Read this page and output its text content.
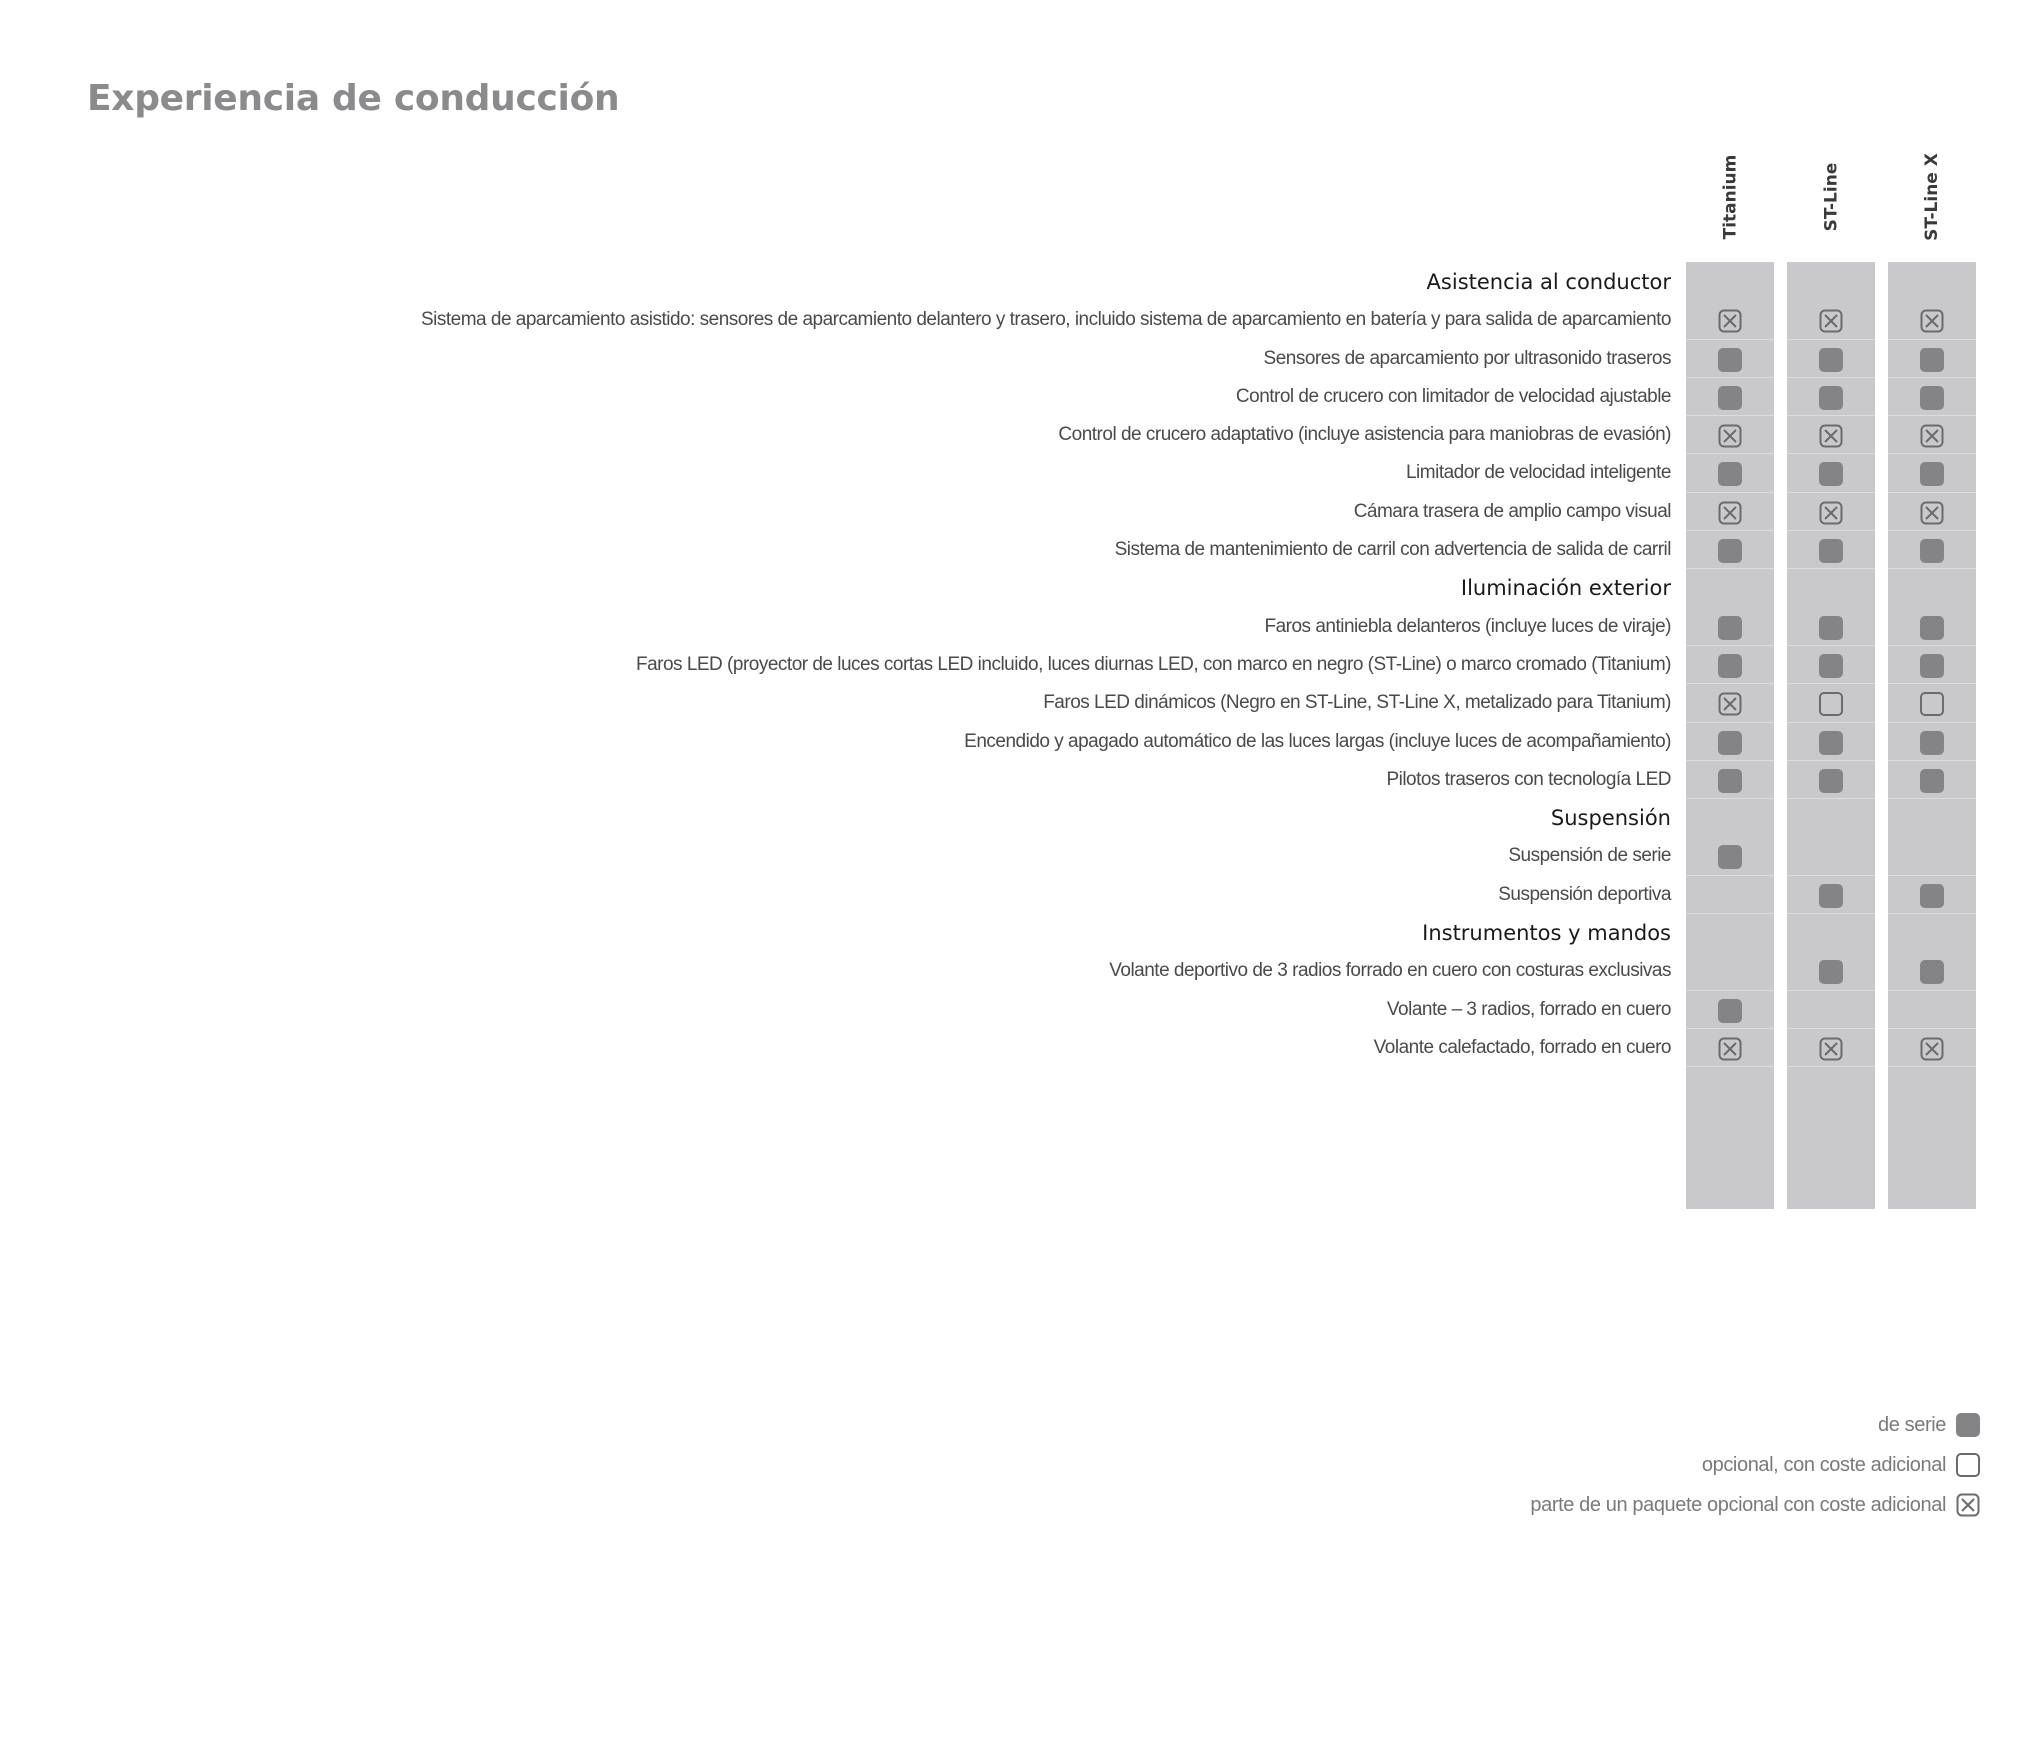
Experiencia de conducción
Titanium	ST-Line	ST-Line X
Asistencia al conductor
Sistema de aparcamiento asistido: sensores de aparcamiento delantero y trasero, incluido sistema de aparcamiento en batería y para salida de aparcamiento
Sensores de aparcamiento por ultrasonido traseros
Control de crucero con limitador de velocidad ajustable
Control de crucero adaptativo (incluye asistencia para maniobras de evasión)
Limitador de velocidad inteligente
Cámara trasera de amplio campo visual
Sistema de mantenimiento de carril con advertencia de salida de carril
Iluminación exterior
Faros antiniebla delanteros (incluye luces de viraje)
Faros LED (proyector de luces cortas LED incluido, luces diurnas LED, con marco en negro (ST-Line) o marco cromado (Titanium)
Faros LED dinámicos (Negro en ST-Line, ST-Line X, metalizado para Titanium)
Encendido y apagado automático de las luces largas (incluye luces de acompañamiento)
Pilotos traseros con tecnología LED
Suspensión
Suspensión de serie
Suspensión deportiva
Instrumentos y mandos
Volante deportivo de 3 radios forrado en cuero con costuras exclusivas
Volante – 3 radios, forrado en cuero
Volante calefactado, forrado en cuero
de serie
opcional, con coste adicional
parte de un paquete opcional con coste adicional
